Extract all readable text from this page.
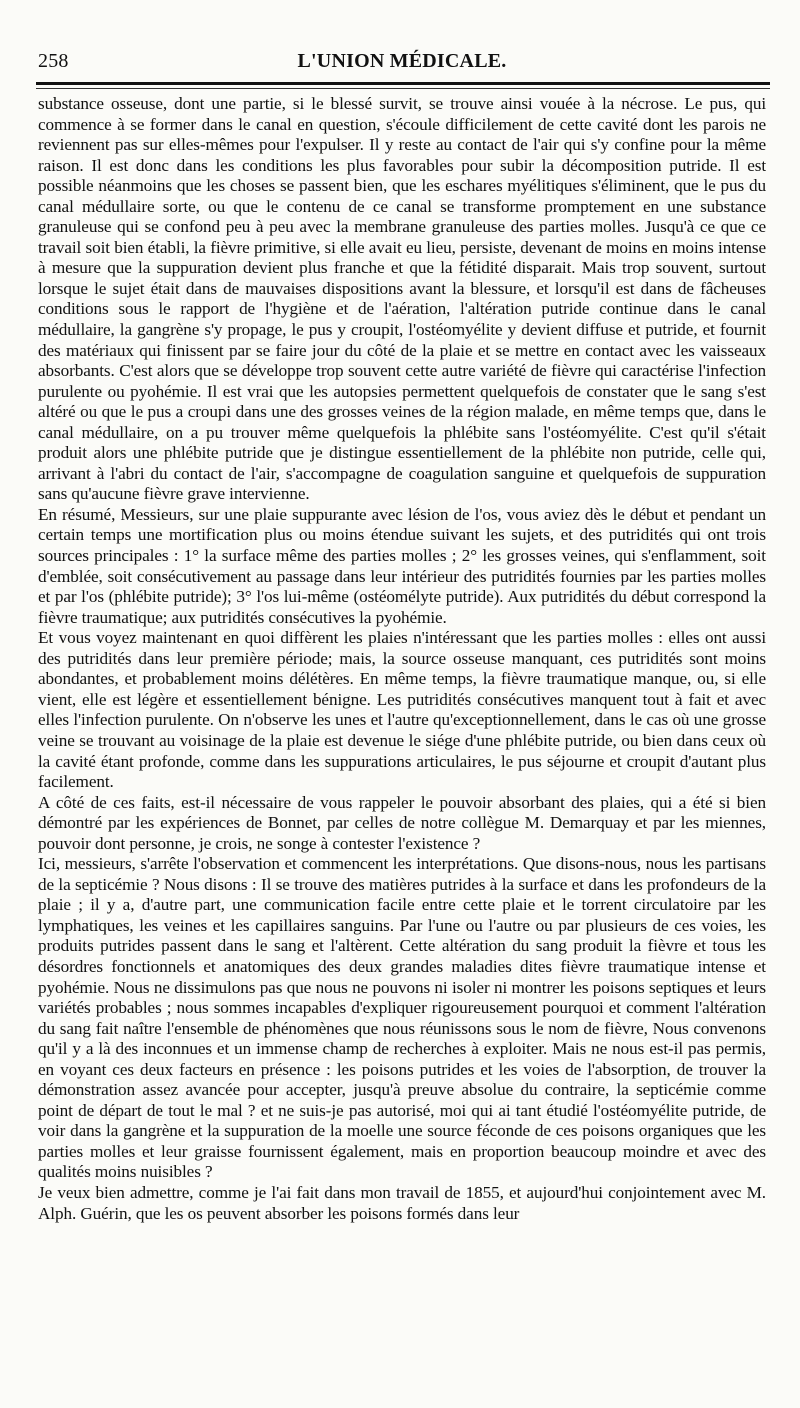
258	L'UNION MÉDICALE.

substance osseuse, dont une partie, si le blessé survit, se trouve ainsi vouée à la nécrose. Le pus, qui commence à se former dans le canal en question, s'écoule difficilement de cette cavité dont les parois ne reviennent pas sur elles-mêmes pour l'expulser. Il y reste au contact de l'air qui s'y confine pour la même raison. Il est donc dans les conditions les plus favorables pour subir la décomposition putride. Il est possible néanmoins que les choses se passent bien, que les eschares myélitiques s'éliminent, que le pus du canal médullaire sorte, ou que le contenu de ce canal se transforme promptement en une substance granuleuse qui se confond peu à peu avec la membrane granuleuse des parties molles. Jusqu'à ce que ce travail soit bien établi, la fièvre primitive, si elle avait eu lieu, persiste, devenant de moins en moins intense à mesure que la suppuration devient plus franche et que la fétidité disparait. Mais trop souvent, surtout lorsque le sujet était dans de mauvaises dispositions avant la blessure, et lorsqu'il est dans de fâcheuses conditions sous le rapport de l'hygiène et de l'aération, l'altération putride continue dans le canal médullaire, la gangrène s'y propage, le pus y croupit, l'ostéomyélite y devient diffuse et putride, et fournit des matériaux qui finissent par se faire jour du côté de la plaie et se mettre en contact avec les vaisseaux absorbants. C'est alors que se développe trop souvent cette autre variété de fièvre qui caractérise l'infection purulente ou pyohémie. Il est vrai que les autopsies permettent quelquefois de constater que le sang s'est altéré ou que le pus a croupi dans une des grosses veines de la région malade, en même temps que, dans le canal médullaire, on a pu trouver même quelquefois la phlébite sans l'ostéomyélite. C'est qu'il s'était produit alors une phlébite putride que je distingue essentiellement de la phlébite non putride, celle qui, arrivant à l'abri du contact de l'air, s'accompagne de coagulation sanguine et quelquefois de suppuration sans qu'aucune fièvre grave intervienne.

En résumé, Messieurs, sur une plaie suppurante avec lésion de l'os, vous aviez dès le début et pendant un certain temps une mortification plus ou moins étendue suivant les sujets, et des putridités qui ont trois sources principales : 1° la surface même des parties molles ; 2° les grosses veines, qui s'enflamment, soit d'emblée, soit consécutivement au passage dans leur intérieur des putridités fournies par les parties molles et par l'os (phlébite putride); 3° l'os lui-même (ostéomélyte putride). Aux putridités du début correspond la fièvre traumatique; aux putridités consécutives la pyohémie.

Et vous voyez maintenant en quoi diffèrent les plaies n'intéressant que les parties molles : elles ont aussi des putridités dans leur première période; mais, la source osseuse manquant, ces putridités sont moins abondantes, et probablement moins délétères. En même temps, la fièvre traumatique manque, ou, si elle vient, elle est légère et essentiellement bénigne. Les putridités consécutives manquent tout à fait et avec elles l'infection purulente. On n'observe les unes et l'autre qu'exceptionnellement, dans le cas où une grosse veine se trouvant au voisinage de la plaie est devenue le siége d'une phlébite putride, ou bien dans ceux où la cavité étant profonde, comme dans les suppurations articulaires, le pus séjourne et croupit d'autant plus facilement.

A côté de ces faits, est-il nécessaire de vous rappeler le pouvoir absorbant des plaies, qui a été si bien démontré par les expériences de Bonnet, par celles de notre collègue M. Demarquay et par les miennes, pouvoir dont personne, je crois, ne songe à contester l'existence ?

Ici, messieurs, s'arrête l'observation et commencent les interprétations. Que disons-nous, nous les partisans de la septicémie ? Nous disons : Il se trouve des matières putrides à la surface et dans les profondeurs de la plaie ; il y a, d'autre part, une communication facile entre cette plaie et le torrent circulatoire par les lymphatiques, les veines et les capillaires sanguins. Par l'une ou l'autre ou par plusieurs de ces voies, les produits putrides passent dans le sang et l'altèrent. Cette altération du sang produit la fièvre et tous les désordres fonctionnels et anatomiques des deux grandes maladies dites fièvre traumatique intense et pyohémie. Nous ne dissimulons pas que nous ne pouvons ni isoler ni montrer les poisons septiques et leurs variétés probables ; nous sommes incapables d'expliquer rigoureusement pourquoi et comment l'altération du sang fait naître l'ensemble de phénomènes que nous réunissons sous le nom de fièvre, Nous convenons qu'il y a là des inconnues et un immense champ de recherches à exploiter. Mais ne nous est-il pas permis, en voyant ces deux facteurs en présence : les poisons putrides et les voies de l'absorption, de trouver la démonstration assez avancée pour accepter, jusqu'à preuve absolue du contraire, la septicémie comme point de départ de tout le mal ? et ne suis-je pas autorisé, moi qui ai tant étudié l'ostéomyélite putride, de voir dans la gangrène et la suppuration de la moelle une source féconde de ces poisons organiques que les parties molles et leur graisse fournissent également, mais en proportion beaucoup moindre et avec des qualités moins nuisibles ?

Je veux bien admettre, comme je l'ai fait dans mon travail de 1855, et aujourd'hui conjointement avec M. Alph. Guérin, que les os peuvent absorber les poisons formés dans leur
